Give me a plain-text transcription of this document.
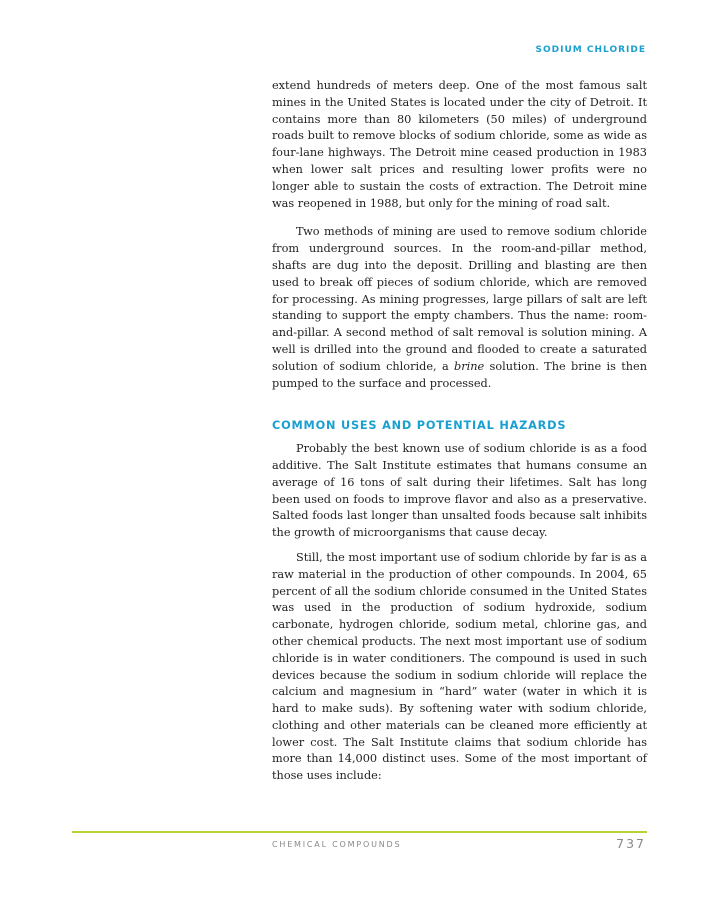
SODIUM CHLORIDE

extend hundreds of meters deep. One of the most famous salt mines in the United States is located under the city of Detroit. It contains more than 80 kilometers (50 miles) of underground roads built to remove blocks of sodium chloride, some as wide as four-lane highways. The Detroit mine ceased production in 1983 when lower salt prices and resulting lower profits were no longer able to sustain the costs of extraction. The Detroit mine was reopened in 1988, but only for the mining of road salt.

Two methods of mining are used to remove sodium chloride from underground sources. In the room-and-pillar method, shafts are dug into the deposit. Drilling and blasting are then used to break off pieces of sodium chloride, which are removed for processing. As mining progresses, large pillars of salt are left standing to support the empty chambers. Thus the name: room-and-pillar. A second method of salt removal is solution mining. A well is drilled into the ground and flooded to create a saturated solution of sodium chloride, a brine solution. The brine is then pumped to the surface and processed.

COMMON USES AND POTENTIAL HAZARDS

Probably the best known use of sodium chloride is as a food additive. The Salt Institute estimates that humans consume an average of 16 tons of salt during their lifetimes. Salt has long been used on foods to improve flavor and also as a preservative. Salted foods last longer than unsalted foods because salt inhibits the growth of microorganisms that cause decay.

Still, the most important use of sodium chloride by far is as a raw material in the production of other compounds. In 2004, 65 percent of all the sodium chloride consumed in the United States was used in the production of sodium hydroxide, sodium carbonate, hydrogen chloride, sodium metal, chlorine gas, and other chemical products. The next most important use of sodium chloride is in water conditioners. The compound is used in such devices because the sodium in sodium chloride will replace the calcium and magnesium in “hard” water (water in which it is hard to make suds). By softening water with sodium chloride, clothing and other materials can be cleaned more efficiently at lower cost. The Salt Institute claims that sodium chloride has more than 14,000 distinct uses. Some of the most important of those uses include:

CHEMICAL COMPOUNDS	737
